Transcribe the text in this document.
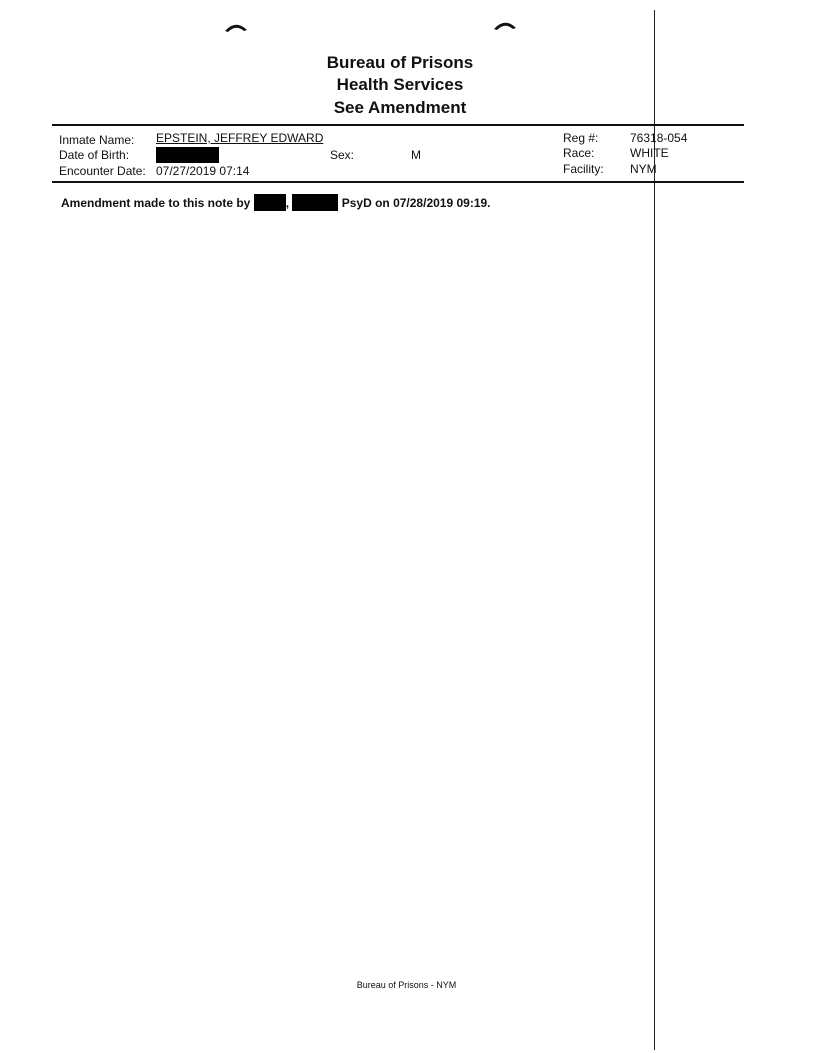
Bureau of Prisons
Health Services
See Amendment
Inmate Name: EPSTEIN, JEFFREY EDWARD
Date of Birth:	Sex:	M
Encounter Date: 07/27/2019 07:14
Reg #:	76318-054
Race:	WHITE
Facility: NYM
Amendment made to this note by	,	PsyD on 07/28/2019 09:19.
Bureau of Prisons - NYM
